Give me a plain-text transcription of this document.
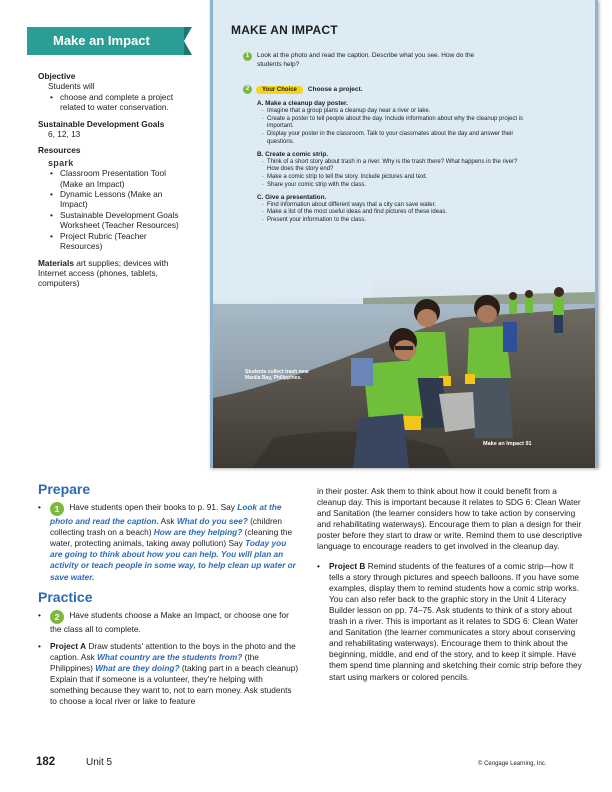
Make an Impact
Objective
Students will
• choose and complete a project related to water conservation.
Sustainable Development Goals
6, 12, 13
Resources
spark
• Classroom Presentation Tool (Make an Impact)
• Dynamic Lessons (Make an Impact)
• Sustainable Development Goals Worksheet (Teacher Resources)
• Project Rubric (Teacher Resources)
Materials art supplies; devices with Internet access (phones, tablets, computers)
MAKE AN IMPACT
1	Look at the photo and read the caption. Describe what you see. How do the students help?
2 Your Choice Choose a project.
A. Make a cleanup day poster.
· Imagine that a group plans a cleanup day near a river or lake.
· Create a poster to tell people about the day. Include information about why the cleanup project is important.
· Display your poster in the classroom. Talk to your classmates about the day and answer their questions.
B. Create a comic strip.
· Think of a short story about trash in a river. Why is the trash there? What happens in the river? How does the story end?
· Make a comic strip to tell the story. Include pictures and text.
· Share your comic strip with the class.
C. Give a presentation.
· Find information about different ways that a city can save water.
· Make a list of the most useful ideas and find pictures of these ideas.
· Present your information to the class.
Students collect trash near Manila Bay, Philippines.
Make an Impact 91
Prepare
• 1 Have students open their books to p. 91. Say Look at the photo and read the caption. Ask What do you see? (children collecting trash on a beach) How are they helping? (cleaning the water, protecting animals, taking away pollution) Say Today you are going to think about how you can help. You will plan an activity or teach people in some way, to help clean up water or save water.
Practice
• 2 Have students choose a Make an Impact, or choose one for the class all to complete.
• Project A Draw students' attention to the boys in the photo and the caption. Ask What country are the students from? (the Philippines) What are they doing? (taking part in a beach cleanup) Explain that if someone is a volunteer, they're helping with something because they want to, not to earn money. Ask students to choose a local river or lake to feature
in their poster. Ask them to think about how it could benefit from a cleanup day. This is important because it relates to SDG 6: Clean Water and Sanitation (the learner considers how to take action by conserving and rehabilitating waterways). Encourage them to plan a design for their poster before they start to draw or write. Remind them to use descriptive language to encourage readers to get involved in the cleanup day.
• Project B Remind students of the features of a comic strip—how it tells a story through pictures and speech balloons. If you have some examples, display them to remind students how a comic strip works. You can also refer back to the graphic story in the Unit 4 Literacy Builder lesson on pp. 74–75. Ask students to think of a story about trash in a river. This is important as it relates to SDG 6: Clean Water and Sanitation (the learner communicates a story about conserving and rehabilitating waterways). Encourage them to think about the beginning, middle, and end of the story, and to keep it simple. Have them spend time planning and sketching their comic strip before they start using markers or colored pencils.
182	Unit 5	© Cengage Learning, Inc.
